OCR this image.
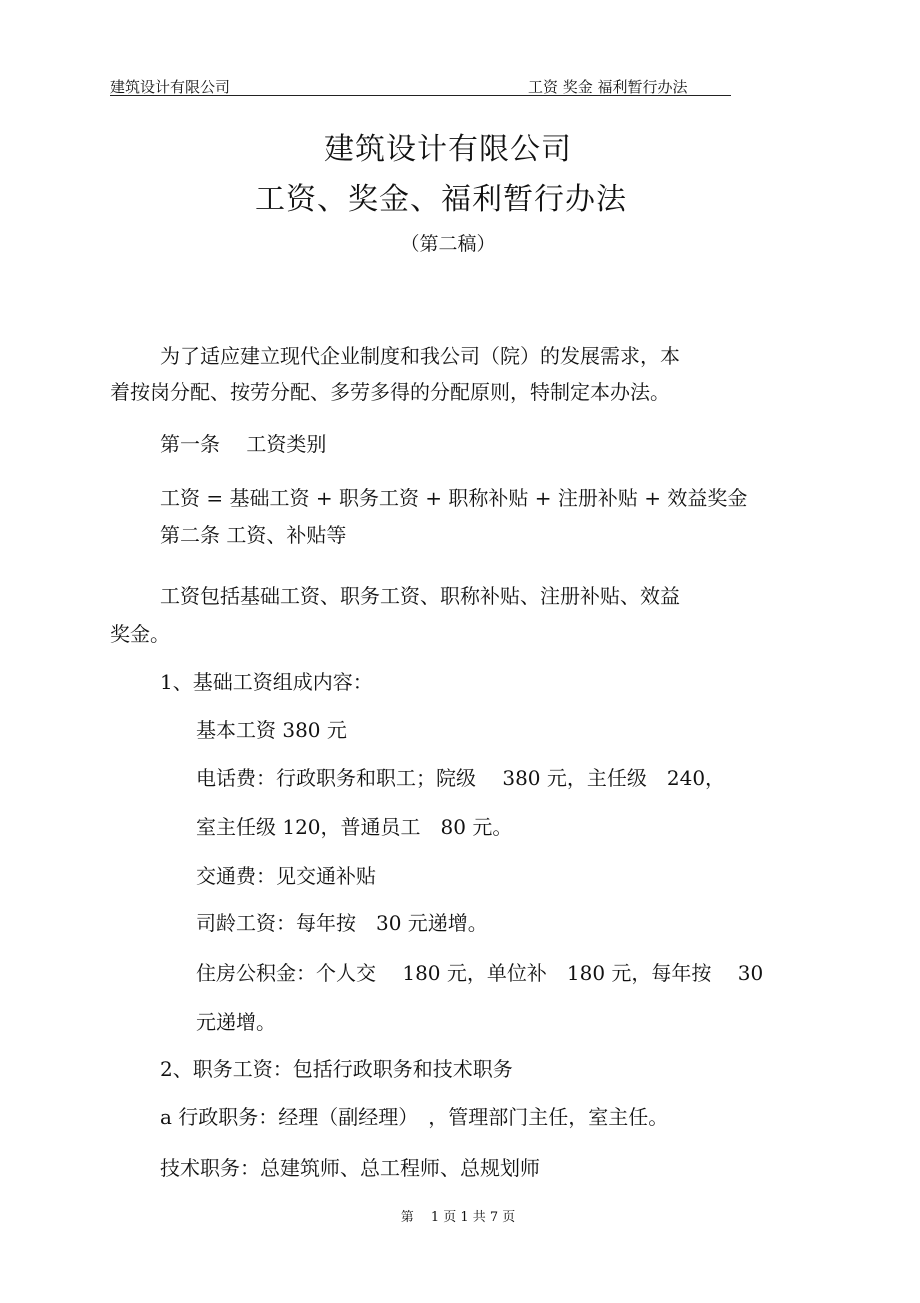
建筑设计有限公司	工资 奖金 福利暂行办法
建筑设计有限公司
工资、奖金、福利暂行办法
（第二稿）
为了适应建立现代企业制度和我公司（院）的发展需求，本
着按岗分配、按劳分配、多劳多得的分配原则，特制定本办法。
第一条　 工资类别
工资 = 基础工资 + 职务工资 + 职称补贴 + 注册补贴 + 效益奖金
第二条 工资、补贴等
工资包括基础工资、职务工资、职称补贴、注册补贴、效益
奖金。
1、基础工资组成内容：
基本工资 380 元
电话费：行政职务和职工；院级　 380 元，主任级　240，
室主任级 120，普通员工　80 元。
交通费：见交通补贴
司龄工资：每年按　30 元递增。
住房公积金：个人交　 180 元，单位补　180 元，每年按　 30
元递增。
2、职务工资：包括行政职务和技术职务
a 行政职务：经理（副经理）　，管理部门主任，室主任。
技术职务：总建筑师、总工程师、总规划师
第　 1 页 1 共 7 页
